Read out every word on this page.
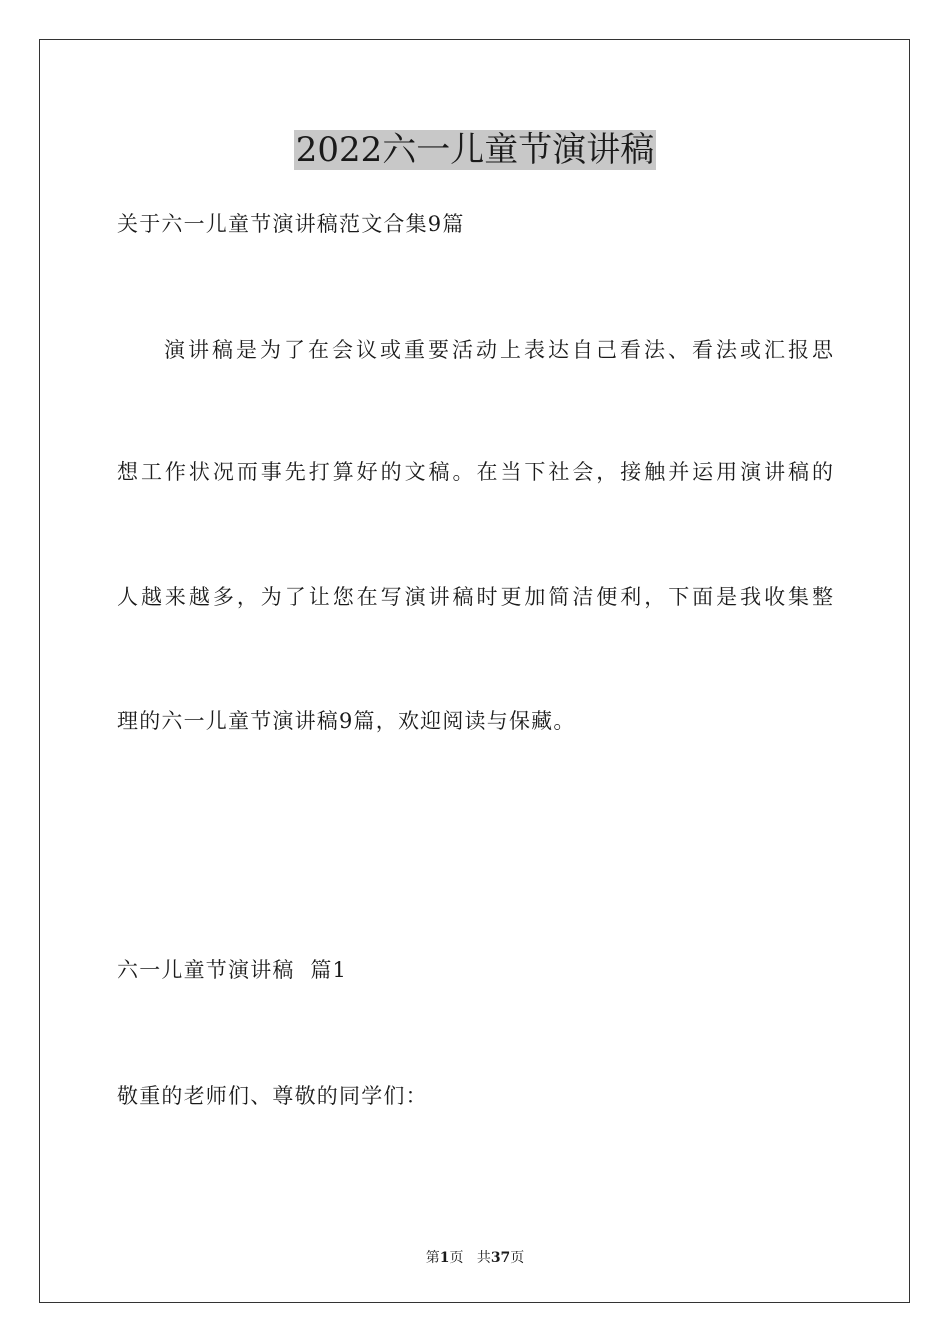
2022六一儿童节演讲稿

关于六一儿童节演讲稿范文合集9篇

演讲稿是为了在会议或重要活动上表达自己看法、看法或汇报思

想工作状况而事先打算好的文稿。在当下社会，接触并运用演讲稿的

人越来越多，为了让您在写演讲稿时更加简洁便利，下面是我收集整

理的六一儿童节演讲稿9篇，欢迎阅读与保藏。

六一儿童节演讲稿  篇1

敬重的老师们、尊敬的同学们：

第1页 共37页
